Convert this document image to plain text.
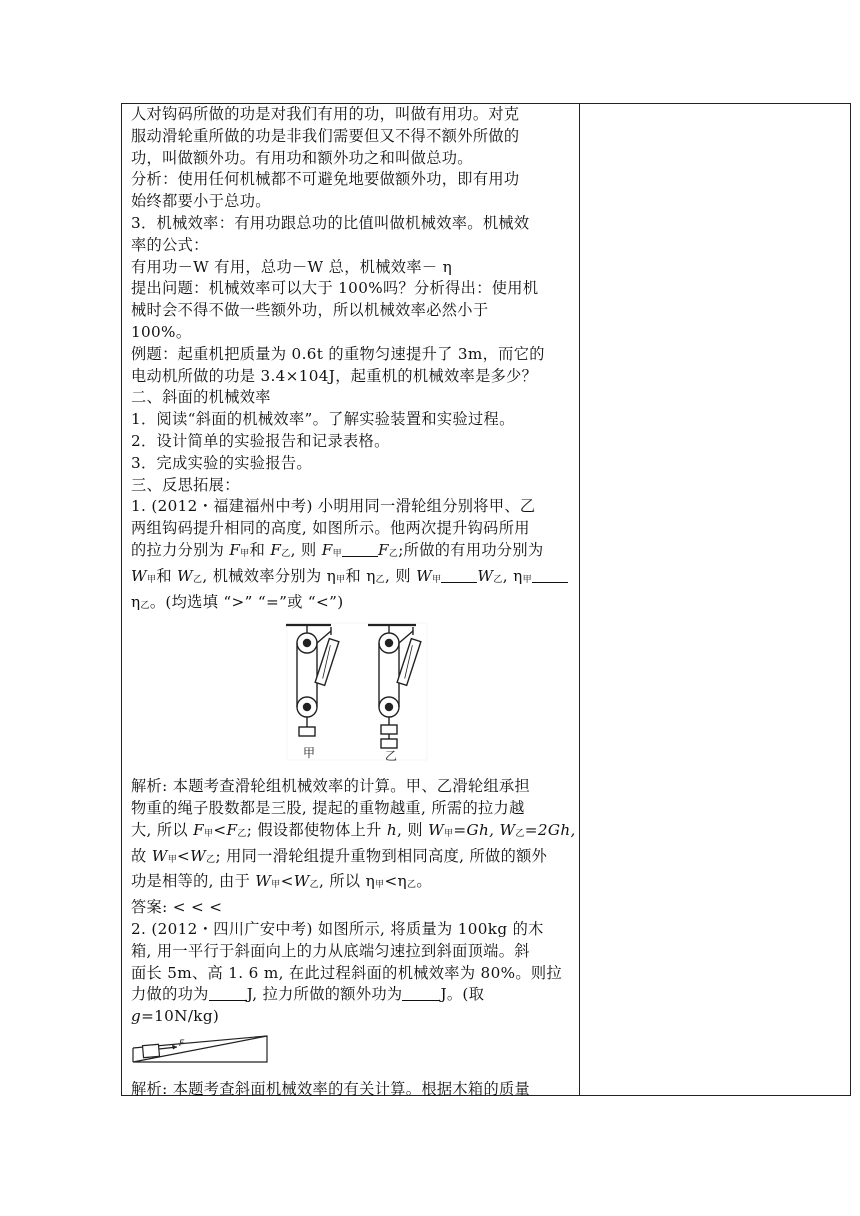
人对钩码所做的功是对我们有用的功，叫做有用功。对克

服动滑轮重所做的功是非我们需要但又不得不额外所做的

功，叫做额外功。有用功和额外功之和叫做总功。

分析：使用任何机械都不可避免地要做额外功，即有用功

始终都要小于总功。

3．机械效率：有用功跟总功的比值叫做机械效率。机械效

率的公式：

有用功－W 有用，总功－W 总，机械效率－ η

提出问题：机械效率可以大于 100%吗？分析得出：使用机

械时会不得不做一些额外功，所以机械效率必然小于

100%。

例题：起重机把质量为 0.6t 的重物匀速提升了 3m，而它的

电动机所做的功是 3.4×104J，起重机的机械效率是多少？

二、斜面的机械效率

1．阅读“斜面的机械效率”。了解实验装置和实验过程。

2．设计简单的实验报告和记录表格。

3．完成实验的实验报告。

三、反思拓展：

1. (2012・福建福州中考) 小明用同一滑轮组分别将甲、乙

两组钩码提升相同的高度, 如图所示。他两次提升钩码所用

的拉力分别为 F甲和 F乙, 则 F甲 F乙;所做的有用功分别为

W甲和 W乙, 机械效率分别为 η甲和 η乙, 则 W甲 W乙, η甲

η乙。(均选填 “>” “=”或 “<”)

甲	乙

解析: 本题考查滑轮组机械效率的计算。甲、乙滑轮组承担

物重的绳子股数都是三股, 提起的重物越重, 所需的拉力越

大, 所以 F甲<F乙; 假设都使物体上升 h, 则 W甲=Gh, W乙=2Gh,

故 W甲<W乙; 用同一滑轮组提升重物到相同高度, 所做的额外

功是相等的, 由于 W甲<W乙, 所以 η甲<η乙。

答案: < < <

2. (2012・四川广安中考) 如图所示, 将质量为 100kg 的木

箱, 用一平行于斜面向上的力从底端匀速拉到斜面顶端。斜

面长 5m、高 1. 6 m, 在此过程斜面的机械效率为 80%。则拉

力做的功为	J, 拉力所做的额外功为	J。(取

g=10N/kg)

F

解析: 本题考查斜面机械效率的有关计算。根据木箱的质量
